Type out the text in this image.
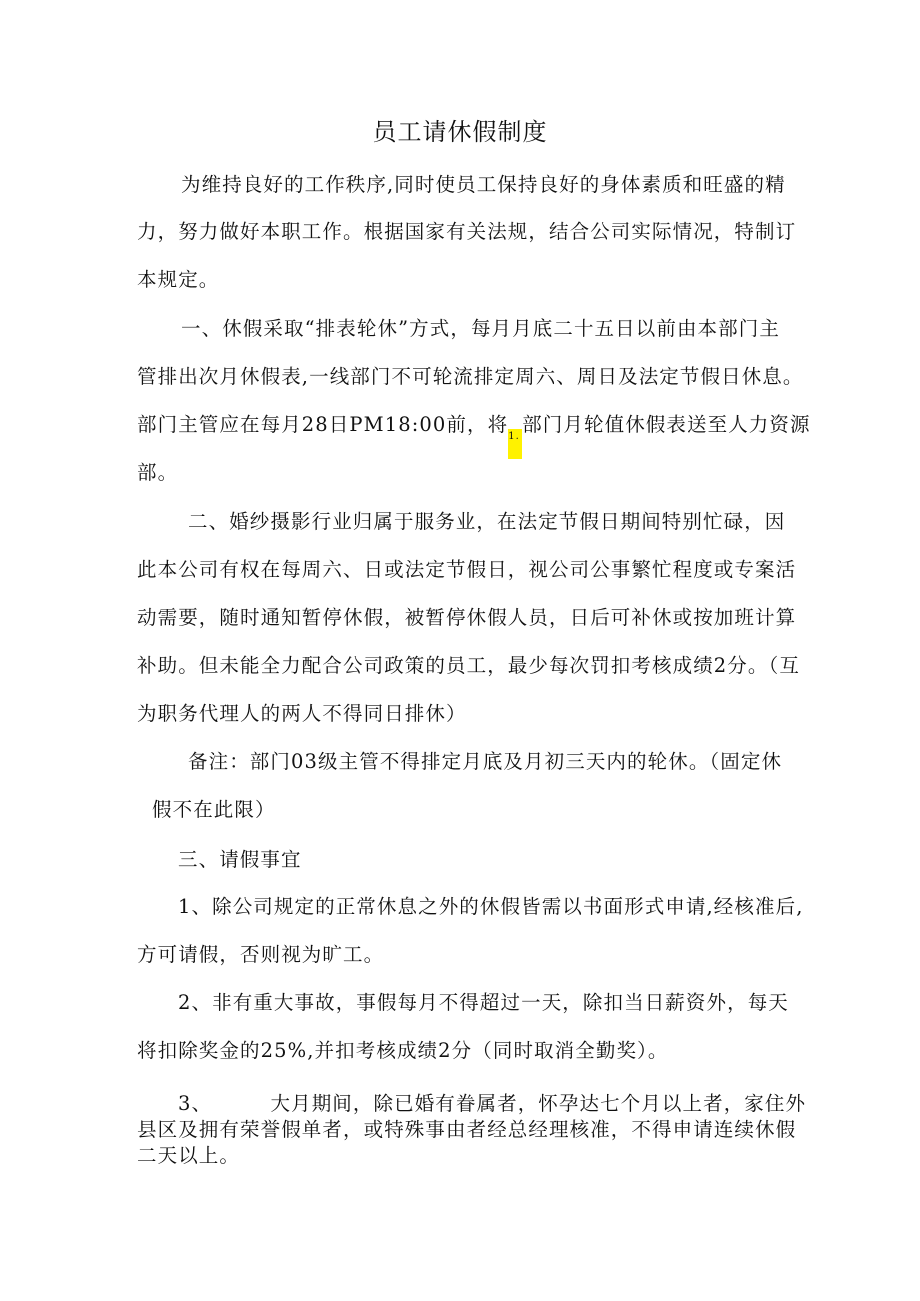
员工请休假制度
为维持良好的工作秩序,同时使员工保持良好的身体素质和旺盛的精
力，努力做好本职工作。根据国家有关法规，结合公司实际情况，特制订
本规定。
一、休假采取“排表轮休”方式，每月月底二十五日以前由本部门主
管排出次月休假表,一线部门不可轮流排定周六、周日及法定节假日休息。
部门主管应在每月28日PM18:00前，将1.部门月轮值休假表送至人力资源
部。
二、婚纱摄影行业归属于服务业，在法定节假日期间特别忙碌，因
此本公司有权在每周六、日或法定节假日，视公司公事繁忙程度或专案活
动需要，随时通知暂停休假，被暂停休假人员，日后可补休或按加班计算
补助。但未能全力配合公司政策的员工，最少每次罚扣考核成绩2分。（互
为职务代理人的两人不得同日排休）
备注：部门03级主管不得排定月底及月初三天内的轮休。（固定休
假不在此限）
三、请假事宜
1、除公司规定的正常休息之外的休假皆需以书面形式申请,经核准后,
方可请假，否则视为旷工。
2、非有重大事故，事假每月不得超过一天，除扣当日薪资外，每天
将扣除奖金的25%,并扣考核成绩2分（同时取消全勤奖）。
3、        大月期间，除已婚有眷属者，怀孕达七个月以上者，家住外
县区及拥有荣誉假单者，或特殊事由者经总经理核准，不得申请连续休假
二天以上。
